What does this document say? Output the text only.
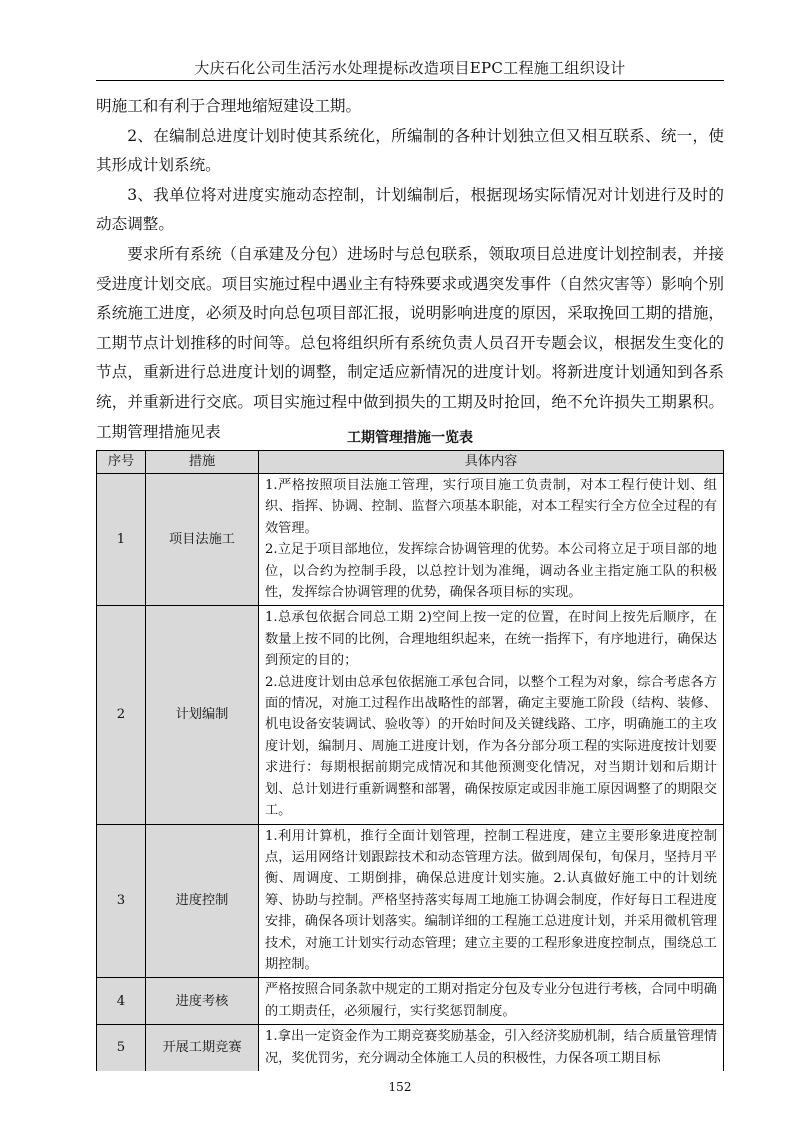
大庆石化公司生活污水处理提标改造项目EPC工程施工组织设计

明施工和有利于合理地缩短建设工期。

2、在编制总进度计划时使其系统化，所编制的各种计划独立但又相互联系、统一，使其形成计划系统。

3、我单位将对进度实施动态控制，计划编制后，根据现场实际情况对计划进行及时的动态调整。

要求所有系统（自承建及分包）进场时与总包联系，领取项目总进度计划控制表，并接受进度计划交底。项目实施过程中遇业主有特殊要求或遇突发事件（自然灾害等）影响个别系统施工进度，必须及时向总包项目部汇报，说明影响进度的原因，采取挽回工期的措施，工期节点计划推移的时间等。总包将组织所有系统负责人员召开专题会议，根据发生变化的节点，重新进行总进度计划的调整，制定适应新情况的进度计划。将新进度计划通知到各系统，并重新进行交底。项目实施过程中做到损失的工期及时抢回，绝不允许损失工期累积。工期管理措施见表	工期管理措施一览表
序号	措施	具体内容
1	项目法施工	1.严格按照项目法施工管理，实行项目施工负责制，对本工程行使计划、组织、指挥、协调、控制、监督六项基本职能，对本工程实行全方位全过程的有效管理。
2.立足于项目部地位，发挥综合协调管理的优势。本公司将立足于项目部的地位，以合约为控制手段，以总控计划为准绳，调动各业主指定施工队的积极性，发挥综合协调管理的优势，确保各项目标的实现。

2	计划编制	1.总承包依据合同总工期 2)空间上按一定的位置，在时间上按先后顺序，在数量上按不同的比例，合理地组织起来，在统一指挥下，有序地进行，确保达到预定的目的；
2.总进度计划由总承包依据施工承包合同，以整个工程为对象，综合考虑各方面的情况，对施工过程作出战略性的部署，确定主要施工阶段（结构、装修、机电设备安装调试、验收等）的开始时间及关键线路、工序，明确施工的主攻度计划，编制月、周施工进度计划，作为各分部分项工程的实际进度按计划要求进行：每期根据前期完成情况和其他预测变化情况，对当期计划和后期计划、总计划进行重新调整和部署，确保按原定或因非施工原因调整了的期限交工。

3	进度控制	1.利用计算机，推行全面计划管理，控制工程进度，建立主要形象进度控制点，运用网络计划跟踪技术和动态管理方法。做到周保旬，旬保月，坚持月平衡、周调度、工期倒排，确保总进度计划实施。2.认真做好施工中的计划统筹、协助与控制。严格坚持落实每周工地施工协调会制度，作好每日工程进度安排，确保各项计划落实。编制详细的工程施工总进度计划，并采用微机管理技术，对施工计划实行动态管理；建立主要的工程形象进度控制点，围绕总工期控制。

4	进度考核	严格按照合同条款中规定的工期对指定分包及专业分包进行考核，合同中明确的工期责任，必须履行，实行奖惩罚制度。

5	开展工期竞赛	1.拿出一定资金作为工期竞赛奖励基金，引入经济奖励机制，结合质量管理情况，奖优罚劣，充分调动全体施工人员的积极性，力保各项工期目标
152
